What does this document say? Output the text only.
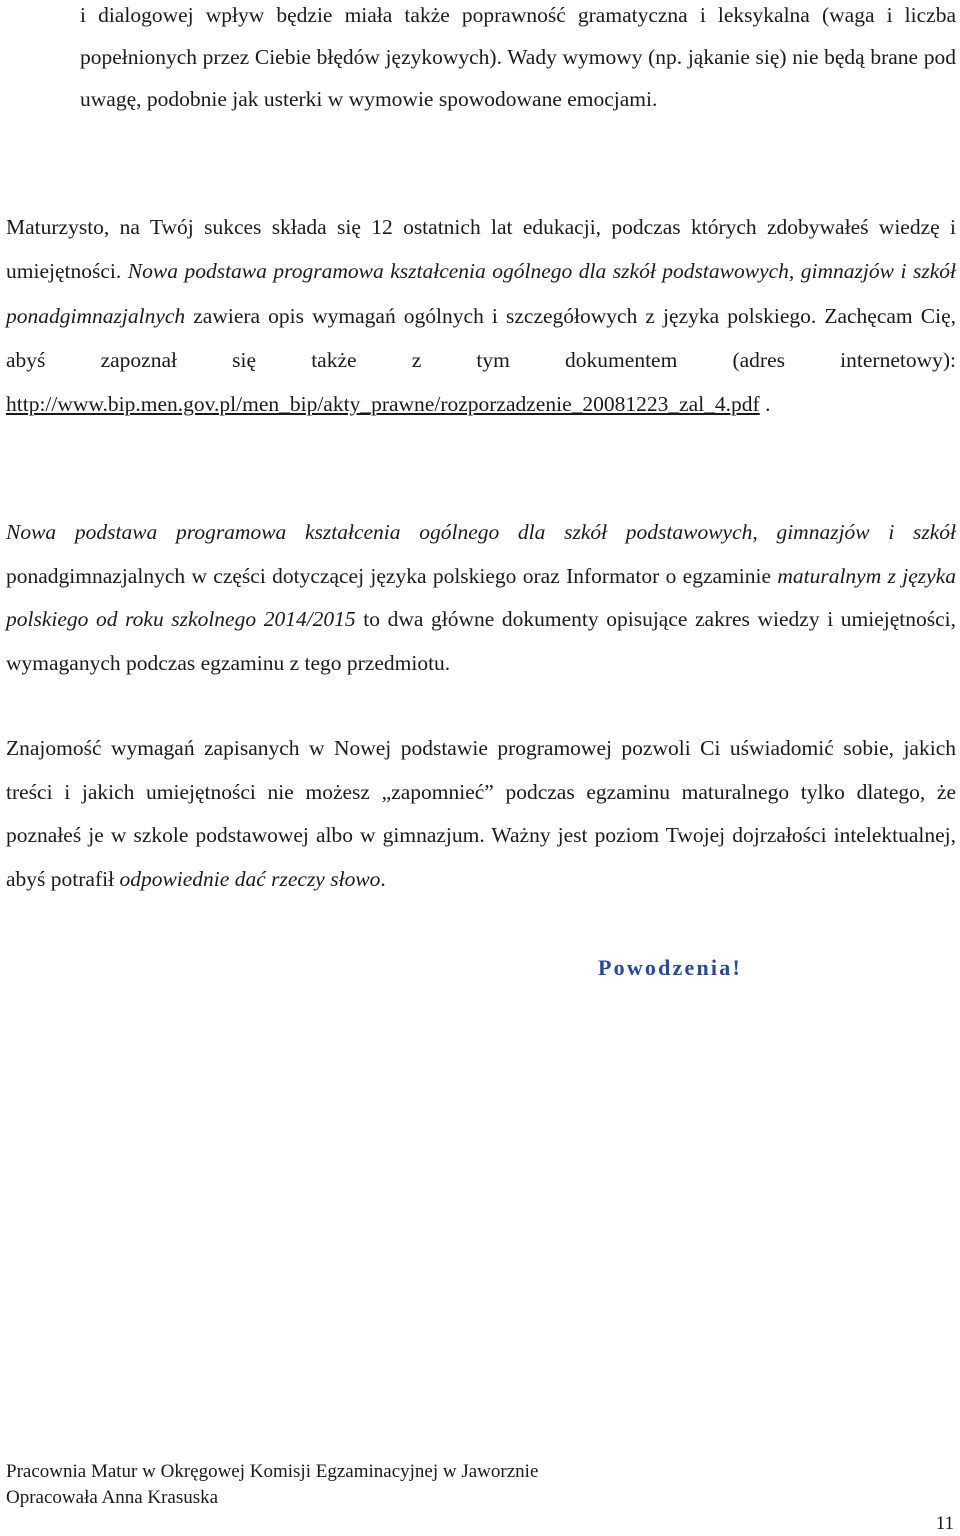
i dialogowej wpływ będzie miała także poprawność gramatyczna i leksykalna (waga i liczba popełnionych przez Ciebie błędów językowych). Wady wymowy (np. jąkanie się) nie będą brane pod uwagę, podobnie jak usterki w wymowie spowodowane emocjami.

Maturzysto, na Twój sukces składa się 12 ostatnich lat edukacji, podczas których zdobywałeś wiedzę i umiejętności. Nowa podstawa programowa kształcenia ogólnego dla szkół podstawowych, gimnazjów i szkół ponadgimnazjalnych zawiera opis wymagań ogólnych i szczegółowych z języka polskiego. Zachęcam Cię, abyś zapoznał się także z tym dokumentem (adres internetowy): http://www.bip.men.gov.pl/men_bip/akty_prawne/rozporzadzenie_20081223_zal_4.pdf .

Nowa podstawa programowa kształcenia ogólnego dla szkół podstawowych, gimnazjów i szkół ponadgimnazjalnych w części dotyczącej języka polskiego oraz Informator o egzaminie maturalnym z języka polskiego od roku szkolnego 2014/2015 to dwa główne dokumenty opisujące zakres wiedzy i umiejętności, wymaganych podczas egzaminu z tego przedmiotu.

Znajomość wymagań zapisanych w Nowej podstawie programowej pozwoli Ci uświadomić sobie, jakich treści i jakich umiejętności nie możesz „zapomnieć” podczas egzaminu maturalnego tylko dlatego, że poznałeś je w szkole podstawowej albo w gimnazjum. Ważny jest poziom Twojej dojrzałości intelektualnej, abyś potrafił odpowiednie dać rzeczy słowo.

Powodzenia!

Pracownia Matur w Okręgowej Komisji Egzaminacyjnej w Jaworznie

Opracowała Anna Krasuska

11
